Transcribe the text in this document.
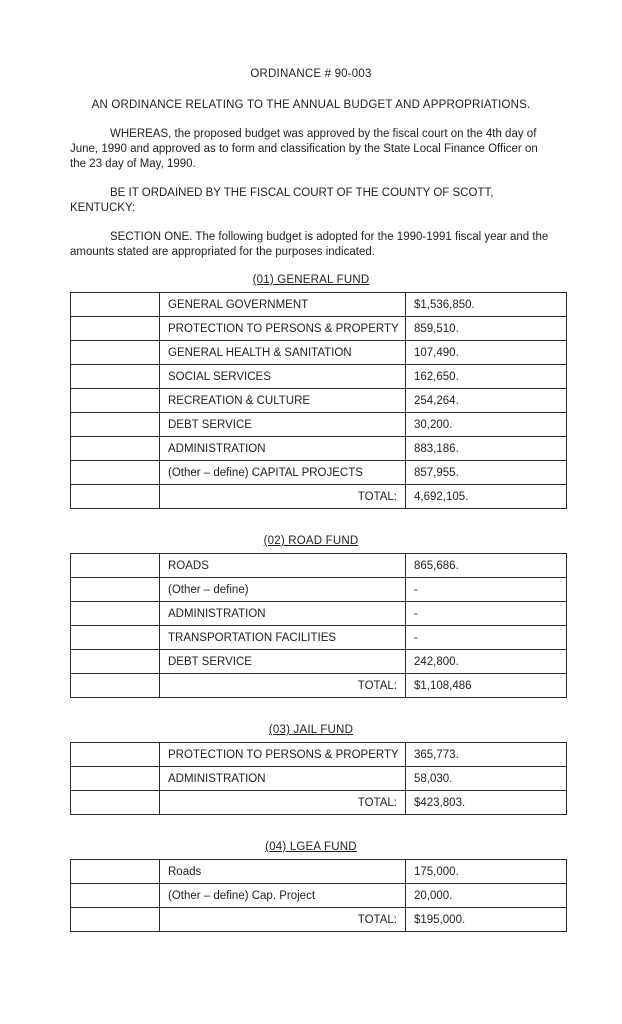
ORDINANCE # 90-003
AN ORDINANCE RELATING TO THE ANNUAL BUDGET AND APPROPRIATIONS.

WHEREAS, the proposed budget was approved by the fiscal court on the 4th day of June, 1990 and approved as to form and classification by the State Local Finance Officer on the 23 day of May, 1990.

BE IT ORDAINED BY THE FISCAL COURT OF THE COUNTY OF SCOTT, KENTUCKY:

SECTION ONE. The following budget is adopted for the 1990-1991 fiscal year and the amounts stated are appropriated for the purposes indicated.

(01) GENERAL FUND
	GENERAL GOVERNMENT	$1,536,850.
	PROTECTION TO PERSONS & PROPERTY	859,510.
	GENERAL HEALTH & SANITATION	107,490.
	SOCIAL SERVICES	162,650.
	RECREATION & CULTURE	254,264.
	DEBT SERVICE	30,200.
	ADMINISTRATION	883,186.
	(Other – define) CAPITAL PROJECTS	857,955.
	TOTAL:	4,692,105.
(02) ROAD FUND
	ROADS	865,686.
	(Other – define)	-
	ADMINISTRATION	-
	TRANSPORTATION FACILITIES	-
	DEBT SERVICE	242,800.
	TOTAL:	$1,108,486
(03) JAIL FUND
	PROTECTION TO PERSONS & PROPERTY	365,773.
	ADMINISTRATION	58,030.
	TOTAL:	$423,803.
(04) LGEA FUND
	Roads	175,000.
	(Other – define) Cap. Project	20,000.
	TOTAL:	$195,000.
